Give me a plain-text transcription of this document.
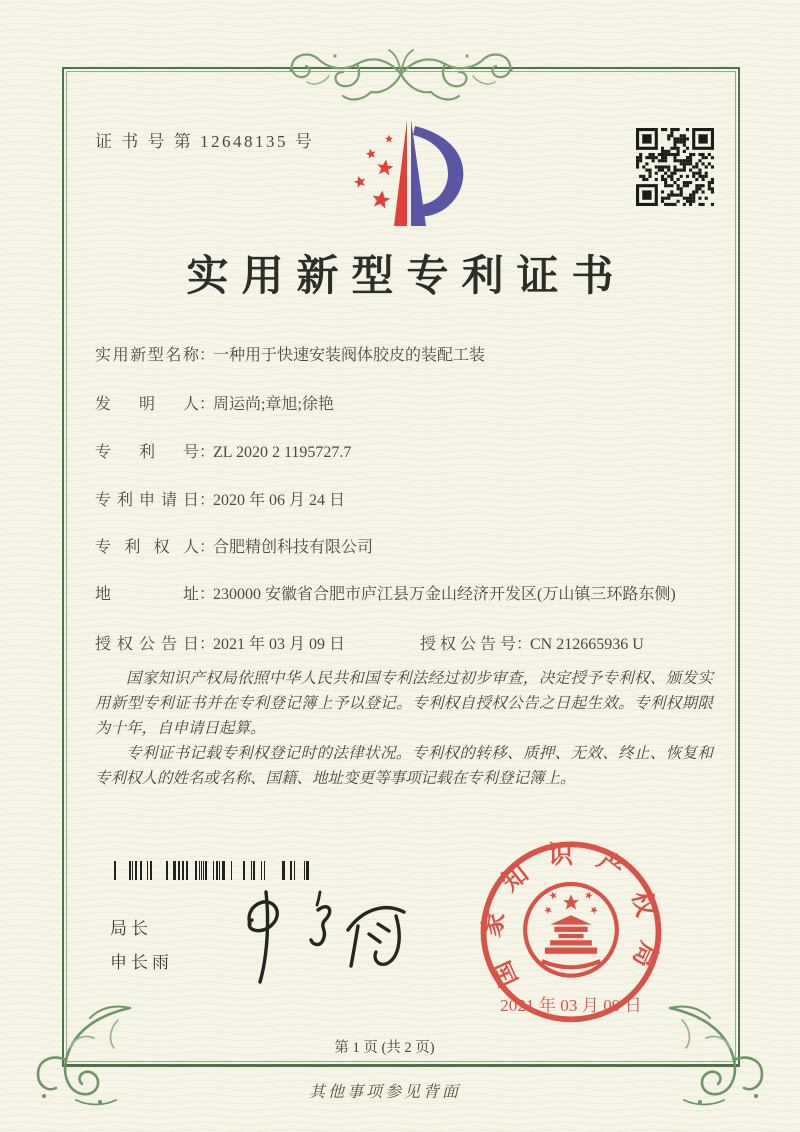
证 书 号 第 12648135 号
实用新型专利证书
实用新型名称：一种用于快速安装阀体胶皮的装配工装
发明人：周运尚;章旭;徐艳
专利号：ZL 2020 2 1195727.7
专利申请日：2020 年 06 月 24 日
专利权人：合肥精创科技有限公司
地址：230000 安徽省合肥市庐江县万金山经济开发区(万山镇三环路东侧)
授权公告日：2021 年 03 月 09 日	授权公告号：CN 212665936 U

国家知识产权局依照中华人民共和国专利法经过初步审查，决定授予专利权、颁发实用新型专利证书并在专利登记簿上予以登记。专利权自授权公告之日起生效。专利权期限为十年，自申请日起算。

专利证书记载专利权登记时的法律状况。专利权的转移、质押、无效、终止、恢复和专利权人的姓名或名称、国籍、地址变更等事项记载在专利登记簿上。

局长
申长雨	国家知识产权局
2021 年 03 月 09 日
第 1 页 (共 2 页)
其他事项参见背面
